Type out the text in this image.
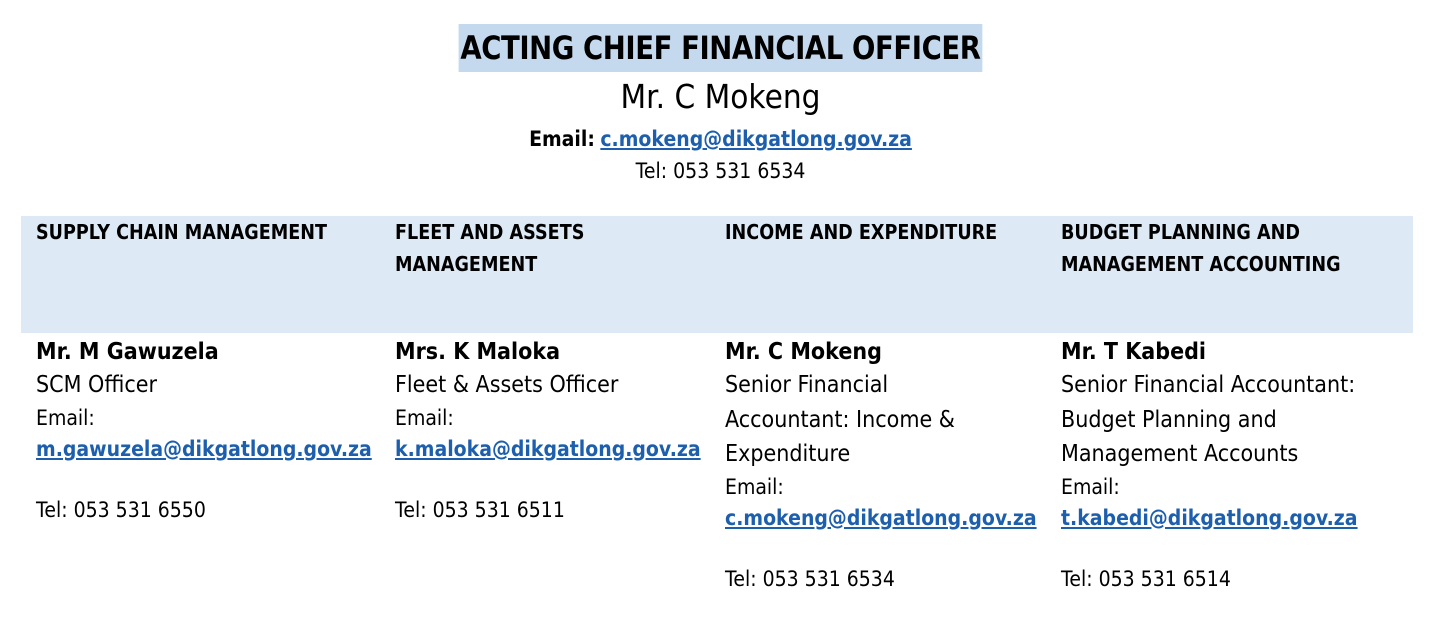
ACTING CHIEF FINANCIAL OFFICER
Mr. C Mokeng
Email: c.mokeng@dikgatlong.gov.za
Tel: 053 531 6534
SUPPLY CHAIN MANAGEMENT
Mr. M Gawuzela
SCM Officer
Email:
m.gawuzela@dikgatlong.gov.za
Tel: 053 531 6550
FLEET AND ASSETS
MANAGEMENT
Mrs. K Maloka
Fleet & Assets Officer
Email:
k.maloka@dikgatlong.gov.za
Tel: 053 531 6511
INCOME AND EXPENDITURE
Mr. C Mokeng
Senior Financial
Accountant: Income &
Expenditure
Email:
c.mokeng@dikgatlong.gov.za
Tel: 053 531 6534
BUDGET PLANNING AND
MANAGEMENT ACCOUNTING
Mr. T Kabedi
Senior Financial Accountant:
Budget Planning and
Management Accounts
Email:
t.kabedi@dikgatlong.gov.za
Tel: 053 531 6514
